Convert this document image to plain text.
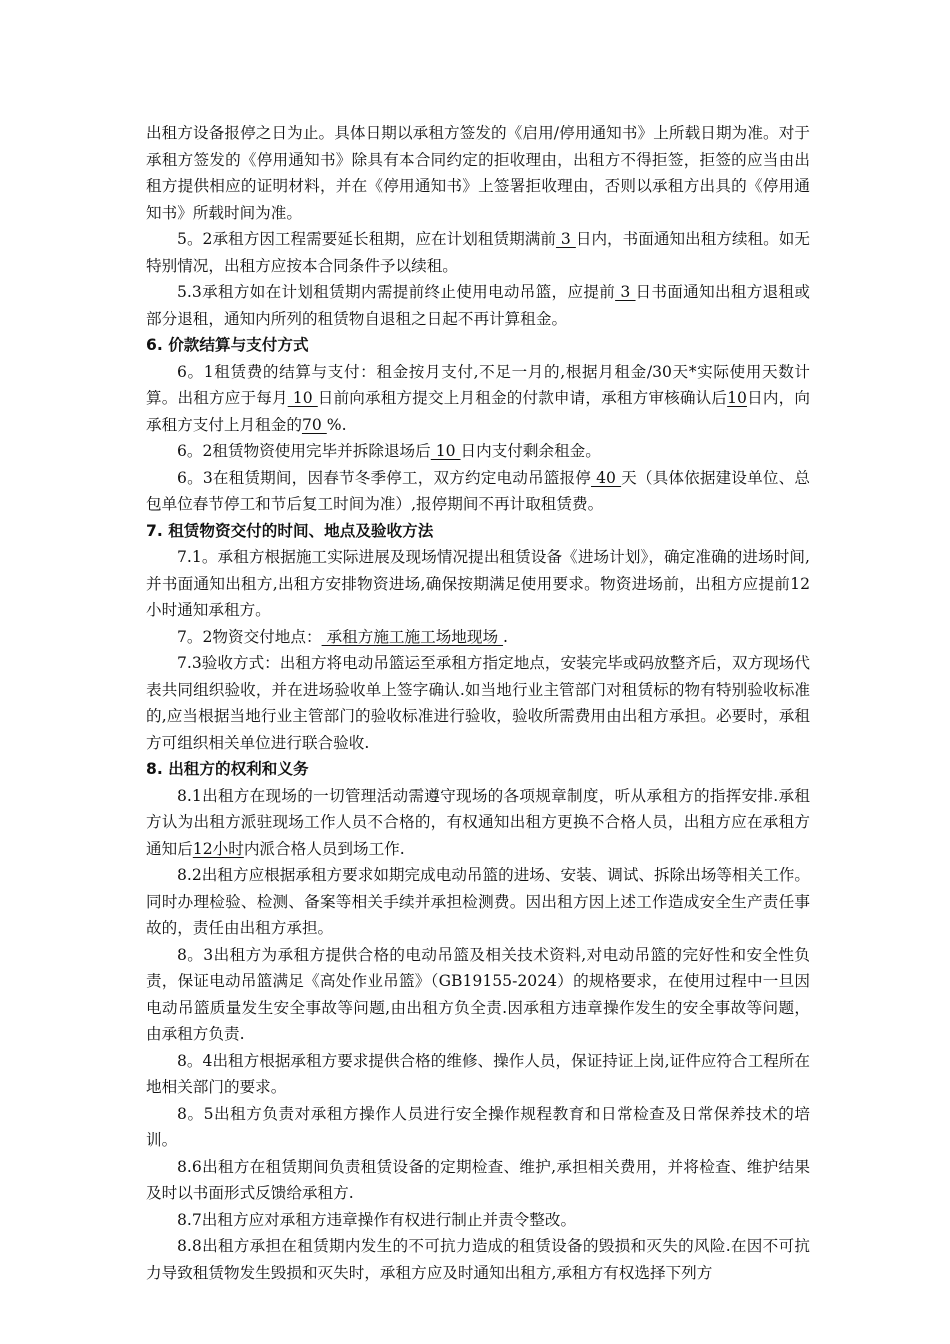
出租方设备报停之日为止。具体日期以承租方签发的《启用/停用通知书》上所载日期为准。对于承租方签发的《停用通知书》除具有本合同约定的拒收理由，出租方不得拒签，拒签的应当由出租方提供相应的证明材料，并在《停用通知书》上签署拒收理由，否则以承租方出具的《停用通知书》所载时间为准。

5。2承租方因工程需要延长租期，应在计划租赁期满前 3 日内，书面通知出租方续租。如无特别情况，出租方应按本合同条件予以续租。

5.3承租方如在计划租赁期内需提前终止使用电动吊篮，应提前 3 日书面通知出租方退租或部分退租，通知内所列的租赁物自退租之日起不再计算租金。

6. 价款结算与支付方式

6。1租赁费的结算与支付：租金按月支付,不足一月的,根据月租金/30天*实际使用天数计算。出租方应于每月 10 日前向承租方提交上月租金的付款申请，承租方审核确认后10日内，向承租方支付上月租金的70 %.

6。2租赁物资使用完毕并拆除退场后 10 日内支付剩余租金。

6。3在租赁期间，因春节冬季停工，双方约定电动吊篮报停 40 天（具体依据建设单位、总包单位春节停工和节后复工时间为准）,报停期间不再计取租赁费。

7. 租赁物资交付的时间、地点及验收方法

7.1。承租方根据施工实际进展及现场情况提出租赁设备《进场计划》，确定准确的进场时间,并书面通知出租方,出租方安排物资进场,确保按期满足使用要求。物资进场前，出租方应提前12小时通知承租方。

7。2物资交付地点： 承租方施工施工场地现场 .

7.3验收方式：出租方将电动吊篮运至承租方指定地点，安装完毕或码放整齐后，双方现场代表共同组织验收，并在进场验收单上签字确认.如当地行业主管部门对租赁标的物有特别验收标准的,应当根据当地行业主管部门的验收标准进行验收，验收所需费用由出租方承担。必要时，承租方可组织相关单位进行联合验收.

8. 出租方的权利和义务

8.1出租方在现场的一切管理活动需遵守现场的各项规章制度，听从承租方的指挥安排.承租方认为出租方派驻现场工作人员不合格的，有权通知出租方更换不合格人员，出租方应在承租方通知后12小时内派合格人员到场工作.

8.2出租方应根据承租方要求如期完成电动吊篮的进场、安装、调试、拆除出场等相关工作。同时办理检验、检测、备案等相关手续并承担检测费。因出租方因上述工作造成安全生产责任事故的，责任由出租方承担。

8。3出租方为承租方提供合格的电动吊篮及相关技术资料,对电动吊篮的完好性和安全性负责，保证电动吊篮满足《高处作业吊篮》（GB19155-2024）的规格要求，在使用过程中一旦因电动吊篮质量发生安全事故等问题,由出租方负全责.因承租方违章操作发生的安全事故等问题，由承租方负责.

8。4出租方根据承租方要求提供合格的维修、操作人员，保证持证上岗,证件应符合工程所在地相关部门的要求。

8。5出租方负责对承租方操作人员进行安全操作规程教育和日常检查及日常保养技术的培训。

8.6出租方在租赁期间负责租赁设备的定期检查、维护,承担相关费用，并将检查、维护结果及时以书面形式反馈给承租方.

8.7出租方应对承租方违章操作有权进行制止并责令整改。

8.8出租方承担在租赁期内发生的不可抗力造成的租赁设备的毁损和灭失的风险.在因不可抗力导致租赁物发生毁损和灭失时，承租方应及时通知出租方,承租方有权选择下列方
